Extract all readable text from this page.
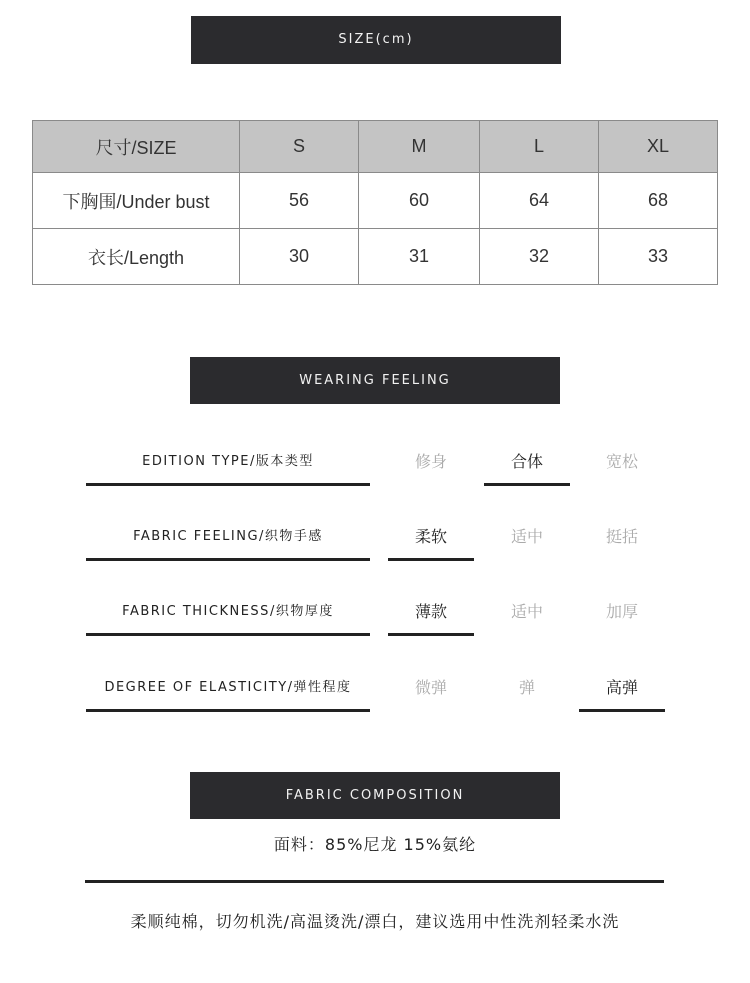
SIZE(cm)
尺寸/SIZE	S	M	L	XL
下胸围/Under bust	56	60	64	68
衣长/Length	30	31	32	33
WEARING FEELING
EDITION TYPE/版本类型	修身	合体	宽松
FABRIC FEELING/织物手感	柔软	适中	挺括
FABRIC THICKNESS/织物厚度	薄款	适中	加厚
DEGREE OF ELASTICITY/弹性程度	微弹	弹	高弹
FABRIC COMPOSITION
面料：85%尼龙 15%氨纶
柔顺纯棉，切勿机洗/高温烫洗/漂白，建议选用中性洗剂轻柔水洗
